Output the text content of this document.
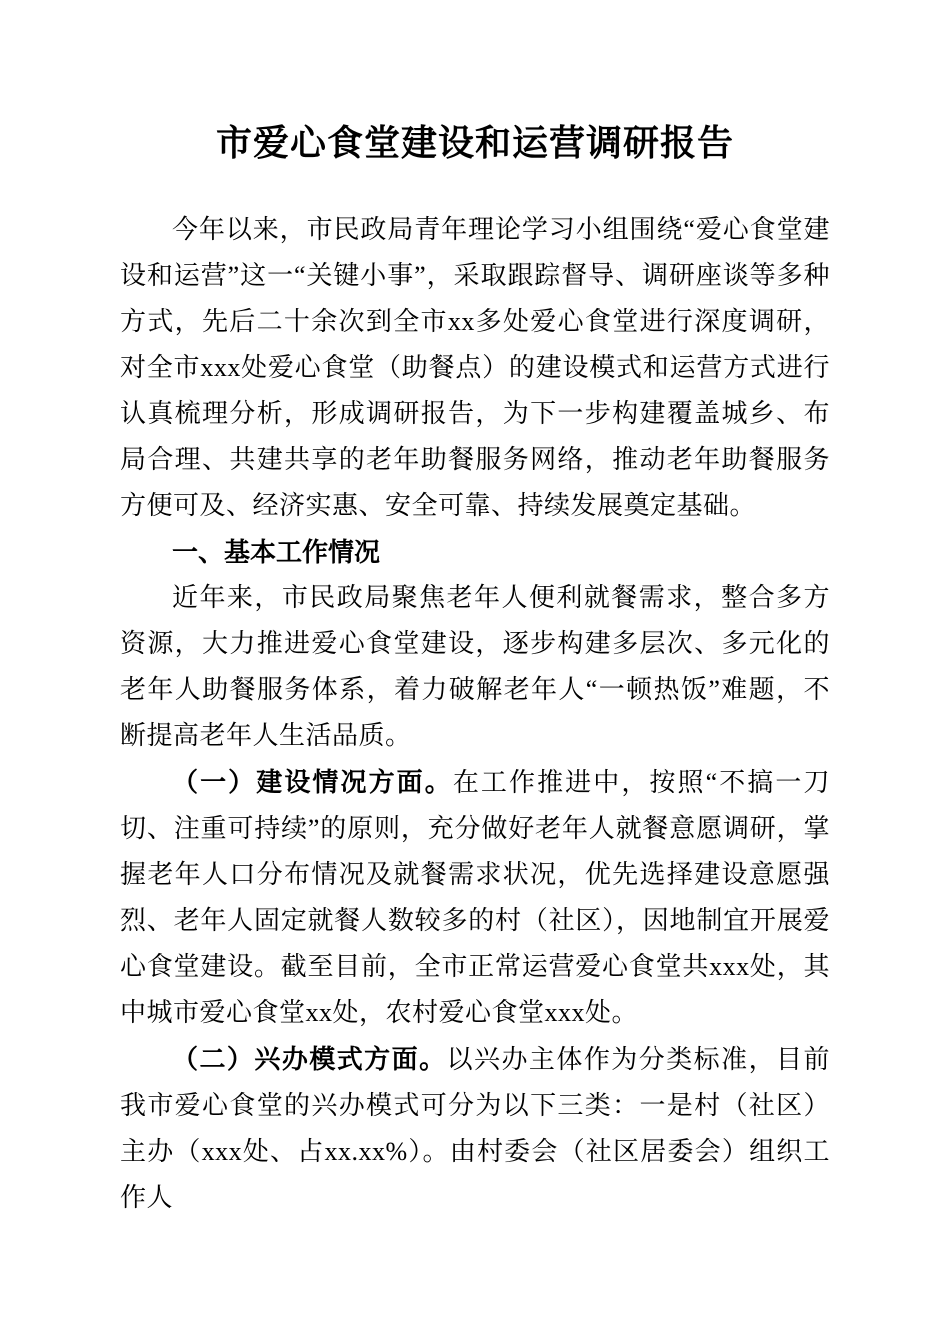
市爱心食堂建设和运营调研报告

今年以来，市民政局青年理论学习小组围绕“爱心食堂建设和运营”这一“关键小事”，采取跟踪督导、调研座谈等多种方式，先后二十余次到全市xx多处爱心食堂进行深度调研，对全市xxx处爱心食堂（助餐点）的建设模式和运营方式进行认真梳理分析，形成调研报告，为下一步构建覆盖城乡、布局合理、共建共享的老年助餐服务网络，推动老年助餐服务方便可及、经济实惠、安全可靠、持续发展奠定基础。

一、基本工作情况

近年来，市民政局聚焦老年人便利就餐需求，整合多方资源，大力推进爱心食堂建设，逐步构建多层次、多元化的老年人助餐服务体系，着力破解老年人“一顿热饭”难题，不断提高老年人生活品质。

（一）建设情况方面。在工作推进中，按照“不搞一刀切、注重可持续”的原则，充分做好老年人就餐意愿调研，掌握老年人口分布情况及就餐需求状况，优先选择建设意愿强烈、老年人固定就餐人数较多的村（社区），因地制宜开展爱心食堂建设。截至目前，全市正常运营爱心食堂共xxx处，其中城市爱心食堂xx处，农村爱心食堂xxx处。

（二）兴办模式方面。以兴办主体作为分类标准，目前我市爱心食堂的兴办模式可分为以下三类：一是村（社区）主办（xxx处、占xx.xx%）。由村委会（社区居委会）组织工作人
